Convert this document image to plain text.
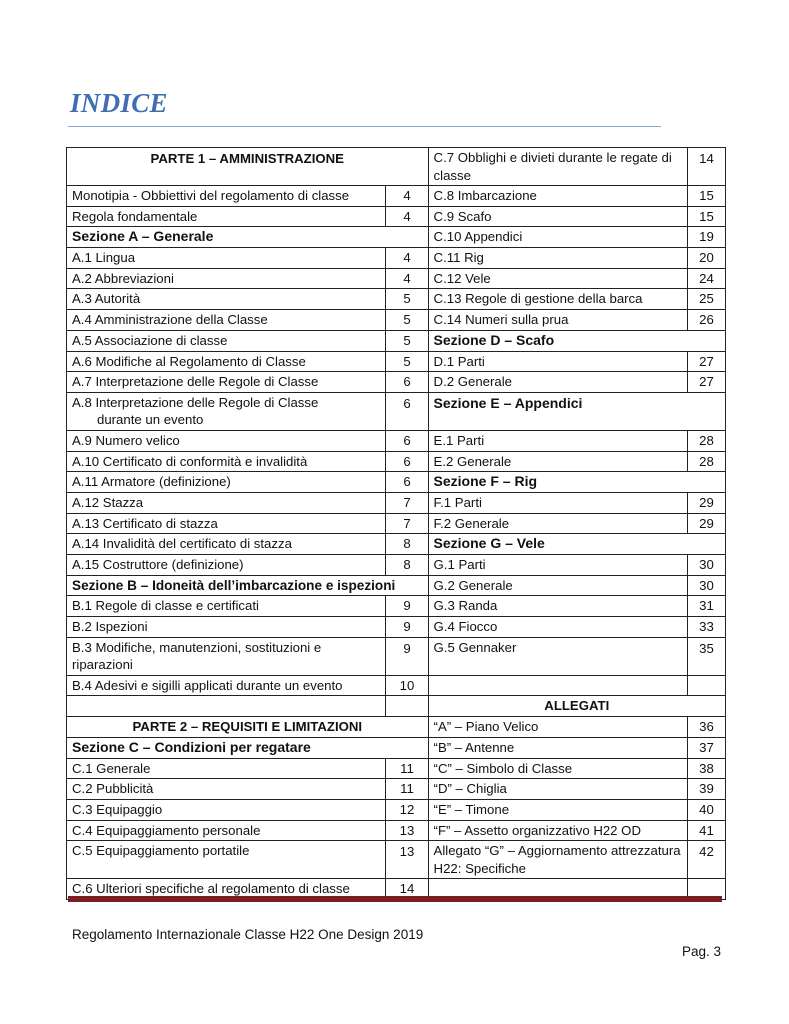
INDICE
PARTE 1 – AMMINISTRAZIONE		C.7 Obblighi e divieti durante le regate di classe	14
Monotipia - Obbiettivi del regolamento di classe	4	C.8 Imbarcazione	15
Regola fondamentale	4	C.9 Scafo	15
Sezione A – Generale		C.10 Appendici	19
A.1 Lingua	4	C.11 Rig	20
A.2 Abbreviazioni	4	C.12 Vele	24
A.3 Autorità	5	C.13 Regole di gestione della barca	25
A.4 Amministrazione della Classe	5	C.14 Numeri sulla prua	26
A.5 Associazione di classe	5	Sezione D – Scafo	
A.6 Modifiche al Regolamento di Classe	5	D.1 Parti	27
A.7 Interpretazione delle Regole di Classe	6	D.2 Generale	27
A.8 Interpretazione delle Regole di Classe
durante un evento	6	Sezione E – Appendici	
A.9 Numero velico	6	E.1 Parti	28
A.10 Certificato di conformità e invalidità	6	E.2 Generale	28
A.11 Armatore (definizione)	6	Sezione F – Rig	
A.12 Stazza	7	F.1 Parti	29
A.13 Certificato di stazza	7	F.2 Generale	29
A.14 Invalidità del certificato di stazza	8	Sezione G – Vele	
A.15 Costruttore (definizione)	8	G.1 Parti	30
Sezione B – Idoneità dell’imbarcazione e ispezioni		G.2 Generale	30
B.1 Regole di classe e certificati	9	G.3 Randa	31
B.2 Ispezioni	9	G.4 Fiocco	33
B.3 Modifiche, manutenzioni, sostituzioni e riparazioni	9	G.5 Gennaker	35
B.4 Adesivi e sigilli applicati durante un evento	10		
		ALLEGATI	
PARTE 2 – REQUISITI E LIMITAZIONI		“A” – Piano Velico	36
Sezione C – Condizioni per regatare		“B” – Antenne	37
C.1 Generale	11	“C” – Simbolo di Classe	38
C.2 Pubblicità	11	“D” – Chiglia	39
C.3 Equipaggio	12	“E” – Timone	40
C.4 Equipaggiamento personale	13	“F” – Assetto organizzativo H22 OD	41
C.5 Equipaggiamento portatile	13	Allegato “G” – Aggiornamento attrezzatura H22: Specifiche	42
C.6 Ulteriori specifiche al regolamento di classe	14		

Regolamento Internazionale Classe H22 One Design 2019

Pag. 3
